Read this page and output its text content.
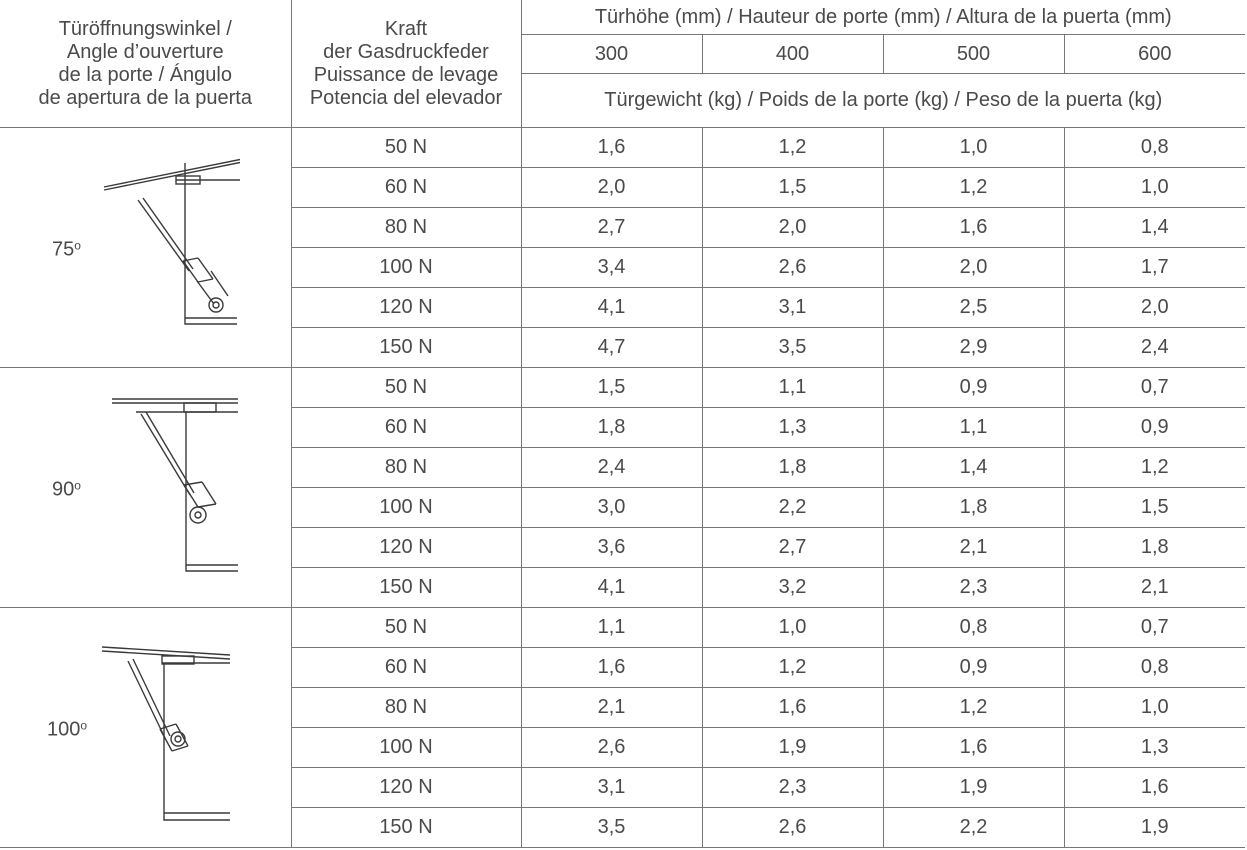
Türöffnungswinkel /
Angle d’ouverture
de la porte / Ángulo
de apertura de la puerta	Kraft
der Gasdruckfeder
Puissance de levage
Potencia del elevador	Türhöhe (mm) / Hauteur de porte (mm) / Altura de la puerta (mm)			
		300	400	500	600
		Türgewicht (kg) / Poids de la porte (kg) / Peso de la puerta (kg)			

75$^o$	50 N	1,6	1,2	1,0	0,8
	60 N	2,0	1,5	1,2	1,0
	80 N	2,7	2,0	1,6	1,4
	100 N	3,4	2,6	2,0	1,7
	120 N	4,1	3,1	2,5	2,0
	150 N	4,7	3,5	2,9	2,4

90$^o$	50 N	1,5	1,1	0,9	0,7
	60 N	1,8	1,3	1,1	0,9
	80 N	2,4	1,8	1,4	1,2
	100 N	3,0	2,2	1,8	1,5
	120 N	3,6	2,7	2,1	1,8
	150 N	4,1	3,2	2,3	2,1

100$^o$	50 N	1,1	1,0	0,8	0,7
	60 N	1,6	1,2	0,9	0,8
	80 N	2,1	1,6	1,2	1,0
	100 N	2,6	1,9	1,6	1,3
	120 N	3,1	2,3	1,9	1,6
	150 N	3,5	2,6	2,2	1,9
